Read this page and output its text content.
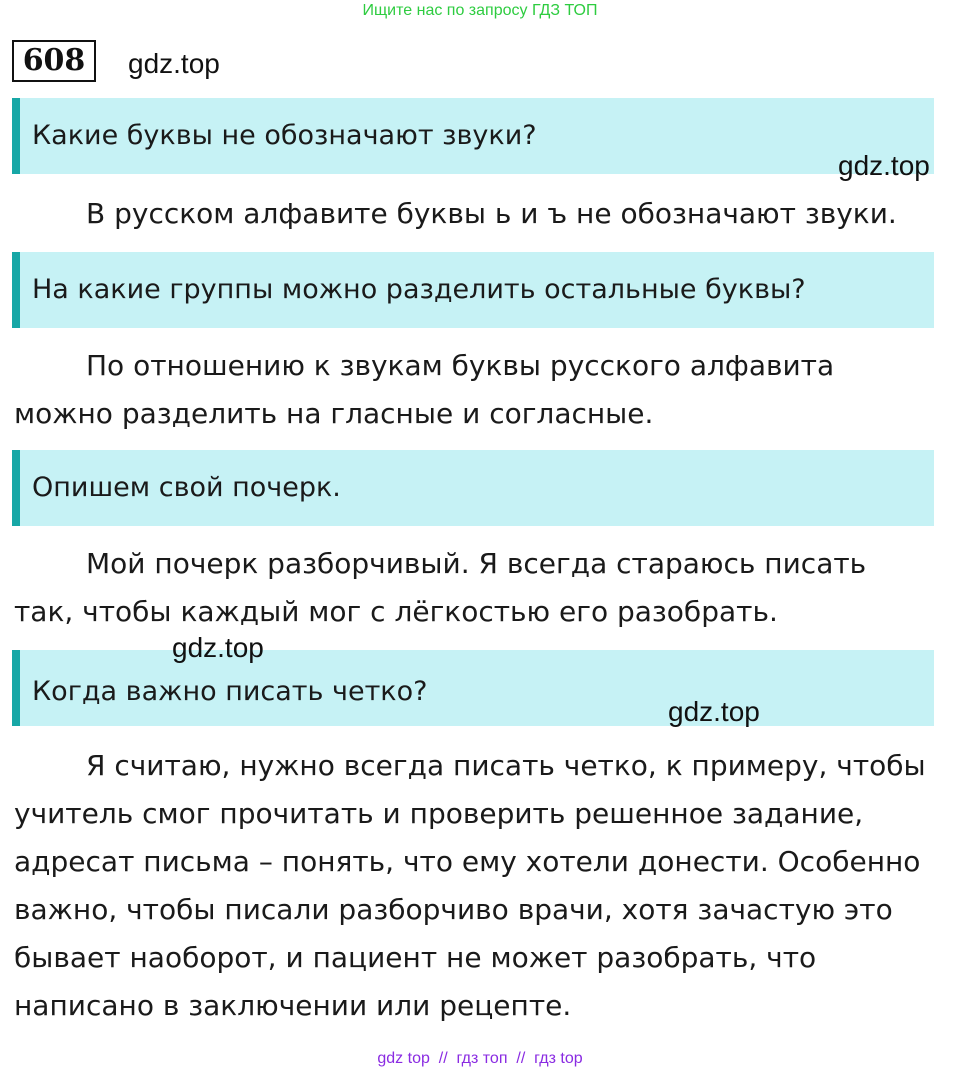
Ищите нас по запросу ГДЗ ТОП
608	gdz.top
Какие буквы не обозначают звуки?
gdz.top
В русском алфавите буквы ь и ъ не обозначают звуки.
На какие группы можно разделить остальные буквы?
По отношению к звукам буквы русского алфавита
можно разделить на гласные и согласные.
Опишем свой почерк.
Мой почерк разборчивый. Я всегда стараюсь писать
так, чтобы каждый мог с лёгкостью его разобрать.
Когда важно писать четко?
gdz.top
gdz.top
Я считаю, нужно всегда писать четко, к примеру, чтобы
учитель смог прочитать и проверить решенное задание,
адресат письма – понять, что ему хотели донести. Особенно
важно, чтобы писали разборчиво врачи, хотя зачастую это
бывает наоборот, и пациент не может разобрать, что
написано в заключении или рецепте.
gdz top  //  гдз топ  //  гдз top
